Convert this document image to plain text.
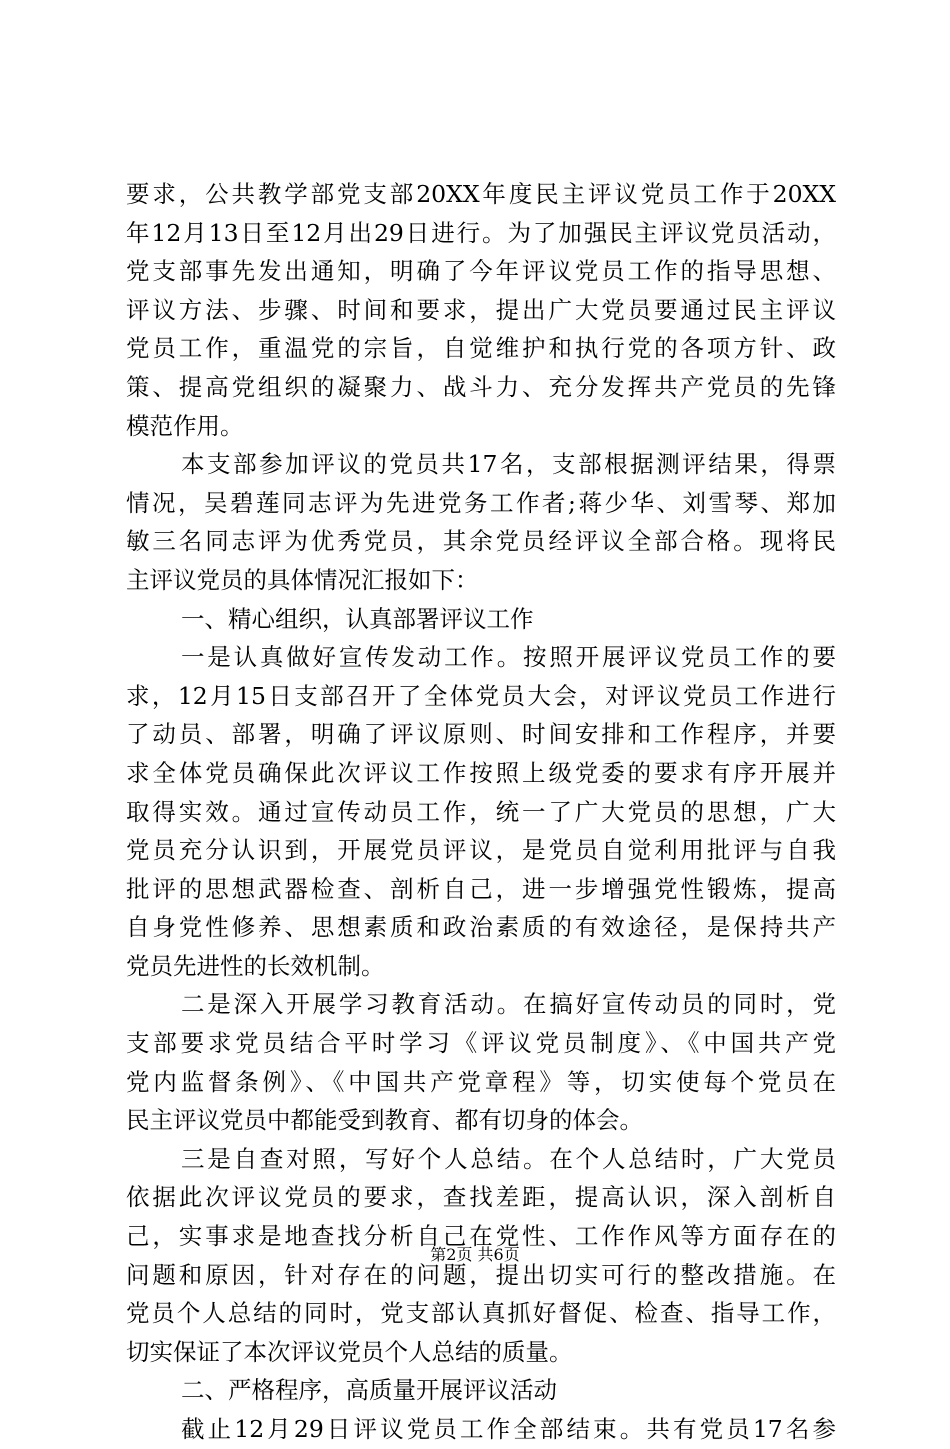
要求，公共教学部党支部20XX年度民主评议党员工作于20XX
年12月13日至12月出29日进行。为了加强民主评议党员活动，
党支部事先发出通知，明确了今年评议党员工作的指导思想、
评议方法、步骤、时间和要求，提出广大党员要通过民主评议
党员工作，重温党的宗旨，自觉维护和执行党的各项方针、政
策、提高党组织的凝聚力、战斗力、充分发挥共产党员的先锋
模范作用。
本支部参加评议的党员共17名，支部根据测评结果，得票
情况，吴碧莲同志评为先进党务工作者;蒋少华、刘雪琴、郑加
敏三名同志评为优秀党员，其余党员经评议全部合格。现将民
主评议党员的具体情况汇报如下：
一、精心组织，认真部署评议工作
一是认真做好宣传发动工作。按照开展评议党员工作的要
求，12月15日支部召开了全体党员大会，对评议党员工作进行
了动员、部署，明确了评议原则、时间安排和工作程序，并要
求全体党员确保此次评议工作按照上级党委的要求有序开展并
取得实效。通过宣传动员工作，统一了广大党员的思想，广大
党员充分认识到，开展党员评议，是党员自觉利用批评与自我
批评的思想武器检查、剖析自己，进一步增强党性锻炼，提高
自身党性修养、思想素质和政治素质的有效途径，是保持共产
党员先进性的长效机制。
二是深入开展学习教育活动。在搞好宣传动员的同时，党
支部要求党员结合平时学习《评议党员制度》、《中国共产党
党内监督条例》、《中国共产党章程》等，切实使每个党员在
民主评议党员中都能受到教育、都有切身的体会。
三是自查对照，写好个人总结。在个人总结时，广大党员
依据此次评议党员的要求，查找差距，提高认识，深入剖析自
己，实事求是地查找分析自己在党性、工作作风等方面存在的
问题和原因，针对存在的问题，提出切实可行的整改措施。在
党员个人总结的同时，党支部认真抓好督促、检查、指导工作，
切实保证了本次评议党员个人总结的质量。
二、严格程序，高质量开展评议活动
截止12月29日评议党员工作全部结束。共有党员17名参
第2页 共6页
